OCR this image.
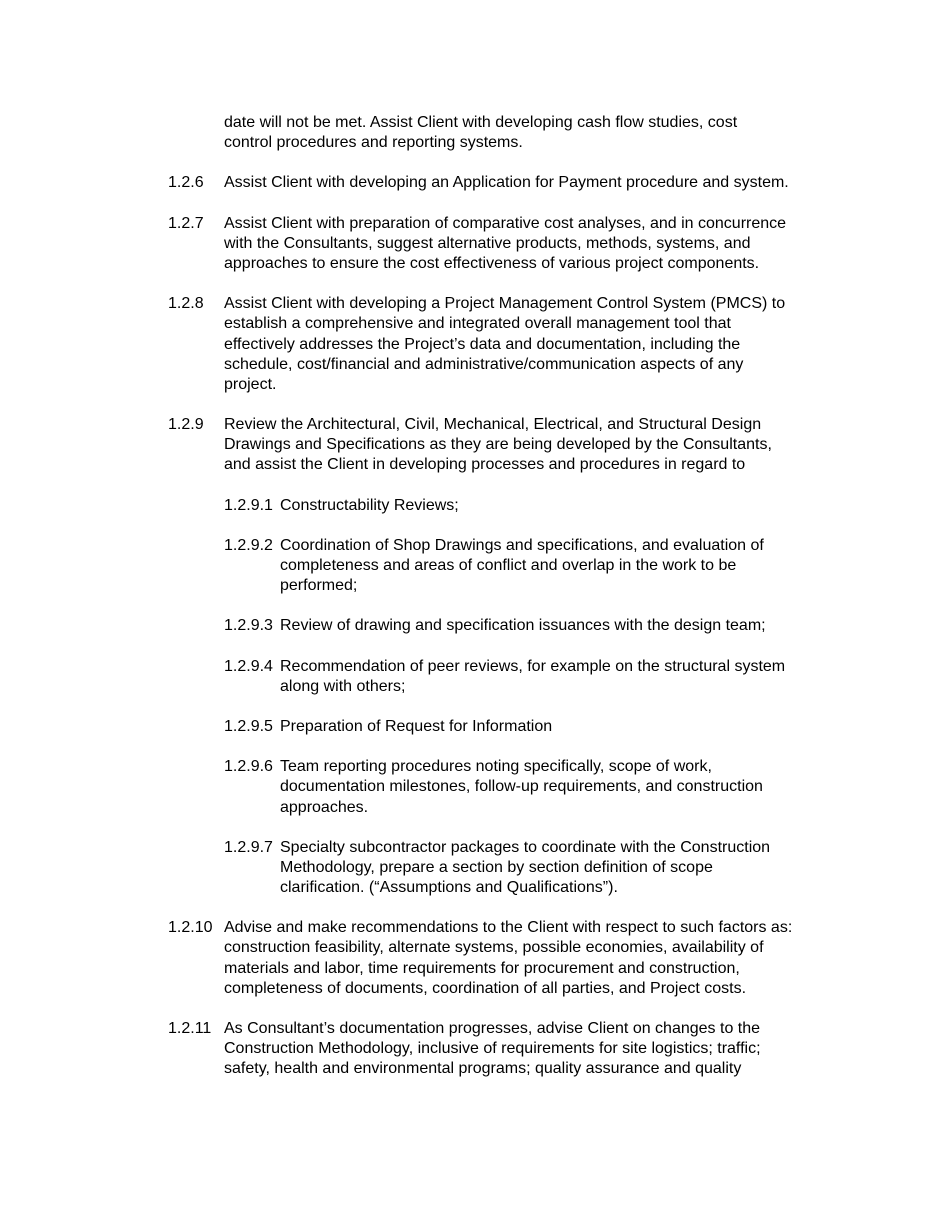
date will not be met. Assist Client with developing cash flow studies, cost
control procedures and reporting systems.
1.2.6 Assist Client with developing an Application for Payment procedure and system.
1.2.7 Assist Client with preparation of comparative cost analyses, and in concurrence
with the Consultants, suggest alternative products, methods, systems, and
approaches to ensure the cost effectiveness of various project components.
1.2.8 Assist Client with developing a Project Management Control System (PMCS) to
establish a comprehensive and integrated overall management tool that
effectively addresses the Project’s data and documentation, including the
schedule, cost/financial and administrative/communication aspects of any
project.
1.2.9 Review the Architectural, Civil, Mechanical, Electrical, and Structural Design
Drawings and Specifications as they are being developed by the Consultants,
and assist the Client in developing processes and procedures in regard to
1.2.9.1 Constructability Reviews;
1.2.9.2 Coordination of Shop Drawings and specifications, and evaluation of
completeness and areas of conflict and overlap in the work to be
performed;
1.2.9.3 Review of drawing and specification issuances with the design team;
1.2.9.4 Recommendation of peer reviews, for example on the structural system
along with others;
1.2.9.5 Preparation of Request for Information
1.2.9.6 Team reporting procedures noting specifically, scope of work,
documentation milestones, follow-up requirements, and construction
approaches.
1.2.9.7 Specialty subcontractor packages to coordinate with the Construction
Methodology, prepare a section by section definition of scope
clarification. (“Assumptions and Qualifications”).
1.2.10 Advise and make recommendations to the Client with respect to such factors as:
construction feasibility, alternate systems, possible economies, availability of
materials and labor, time requirements for procurement and construction,
completeness of documents, coordination of all parties, and Project costs.
1.2.11 As Consultant’s documentation progresses, advise Client on changes to the
Construction Methodology, inclusive of requirements for site logistics; traffic;
safety, health and environmental programs; quality assurance and quality
